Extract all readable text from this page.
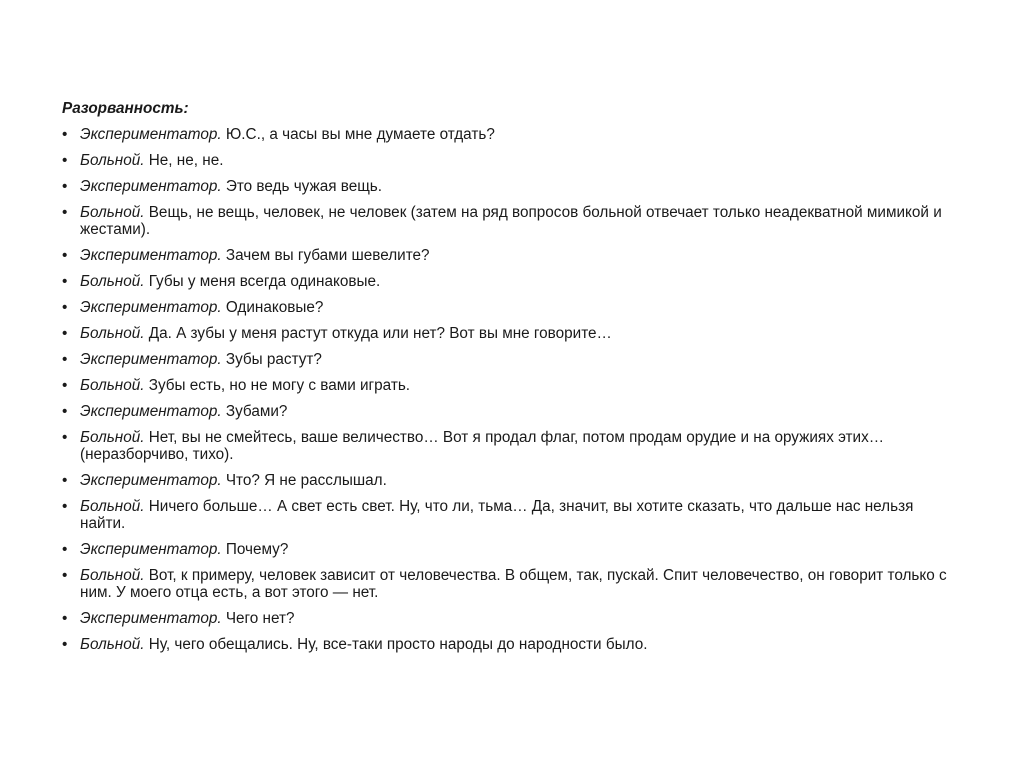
Разорванность:
• Экспериментатор. Ю.С., а часы вы мне думаете отдать?
• Больной. Не, не, не.
• Экспериментатор. Это ведь чужая вещь.
• Больной. Вещь, не вещь, человек, не человек (затем на ряд вопросов больной отвечает только неадекватной мимикой и жестами).
• Экспериментатор. Зачем вы губами шевелите?
• Больной. Губы у меня всегда одинаковые.
• Экспериментатор. Одинаковые?
• Больной. Да. А зубы у меня растут откуда или нет? Вот вы мне говорите…
• Экспериментатор. Зубы растут?
• Больной. Зубы есть, но не могу с вами играть.
• Экспериментатор. Зубами?
• Больной. Нет, вы не смейтесь, ваше величество… Вот я продал флаг, потом продам орудие и на оружиях этих… (неразборчиво, тихо).
• Экспериментатор. Что? Я не расслышал.
• Больной. Ничего больше… А свет есть свет. Ну, что ли, тьма… Да, значит, вы хотите сказать, что дальше нас нельзя найти.
• Экспериментатор. Почему?
• Больной. Вот, к примеру, человек зависит от человечества. В общем, так, пускай. Спит человечество, он говорит только с ним. У моего отца есть, а вот этого — нет.
• Экспериментатор. Чего нет?
• Больной. Ну, чего обещались. Ну, все-таки просто народы до народности было.
